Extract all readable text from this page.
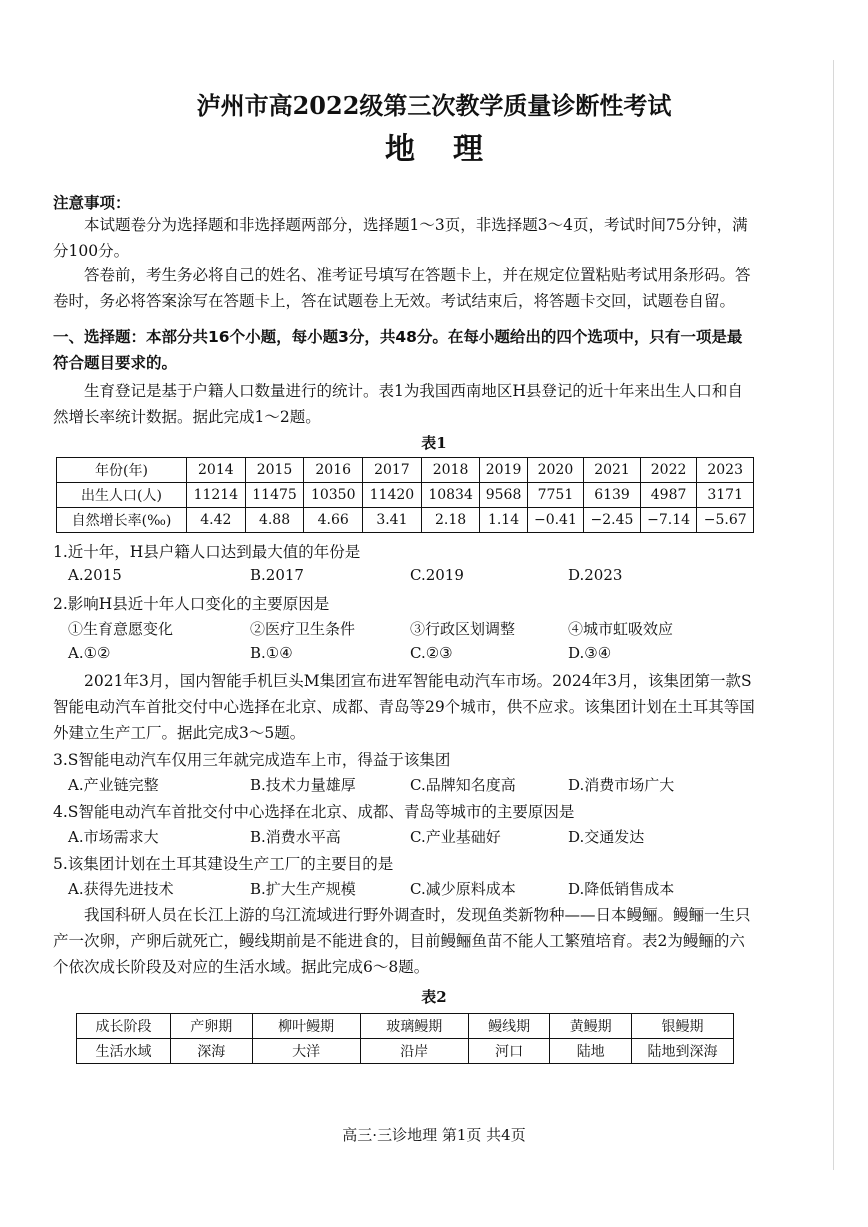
泸州市高2022级第三次教学质量诊断性考试
地理
注意事项：
本试题卷分为选择题和非选择题两部分，选择题1～3页，非选择题3～4页，考试时间75分钟，满分100分。
答卷前，考生务必将自己的姓名、准考证号填写在答题卡上，并在规定位置粘贴考试用条形码。答卷时，务必将答案涂写在答题卡上，答在试题卷上无效。考试结束后，将答题卡交回，试题卷自留。
一、选择题：本部分共16个小题，每小题3分，共48分。在每小题给出的四个选项中，只有一项是最符合题目要求的。
生育登记是基于户籍人口数量进行的统计。表1为我国西南地区H县登记的近十年来出生人口和自然增长率统计数据。据此完成1～2题。
表1
年份(年)	2014	2015	2016	2017	2018	2019	2020	2021	2022	2023
出生人口(人)	11214	11475	10350	11420	10834	9568	7751	6139	4987	3171
自然增长率(‰)	4.42	4.88	4.66	3.41	2.18	1.14	−0.41	−2.45	−7.14	−5.67
1.近十年，H县户籍人口达到最大值的年份是
A.2015	B.2017	C.2019	D.2023
2.影响H县近十年人口变化的主要原因是
①生育意愿变化	②医疗卫生条件	③行政区划调整	④城市虹吸效应
A.①②	B.①④	C.②③	D.③④
2021年3月，国内智能手机巨头M集团宣布进军智能电动汽车市场。2024年3月，该集团第一款S智能电动汽车首批交付中心选择在北京、成都、青岛等29个城市，供不应求。该集团计划在土耳其等国外建立生产工厂。据此完成3～5题。
3.S智能电动汽车仅用三年就完成造车上市，得益于该集团
A.产业链完整	B.技术力量雄厚	C.品牌知名度高	D.消费市场广大
4.S智能电动汽车首批交付中心选择在北京、成都、青岛等城市的主要原因是
A.市场需求大	B.消费水平高	C.产业基础好	D.交通发达
5.该集团计划在土耳其建设生产工厂的主要目的是
A.获得先进技术	B.扩大生产规模	C.减少原料成本	D.降低销售成本
我国科研人员在长江上游的乌江流域进行野外调查时，发现鱼类新物种——日本鳗鲡。鳗鲡一生只产一次卵，产卵后就死亡，鳗线期前是不能进食的，目前鳗鲡鱼苗不能人工繁殖培育。表2为鳗鲡的六个依次成长阶段及对应的生活水域。据此完成6～8题。
表2
成长阶段	产卵期	柳叶鳗期	玻璃鳗期	鳗线期	黄鳗期	银鳗期
生活水域	深海	大洋	沿岸	河口	陆地	陆地到深海
高三·三诊地理 第1页 共4页
